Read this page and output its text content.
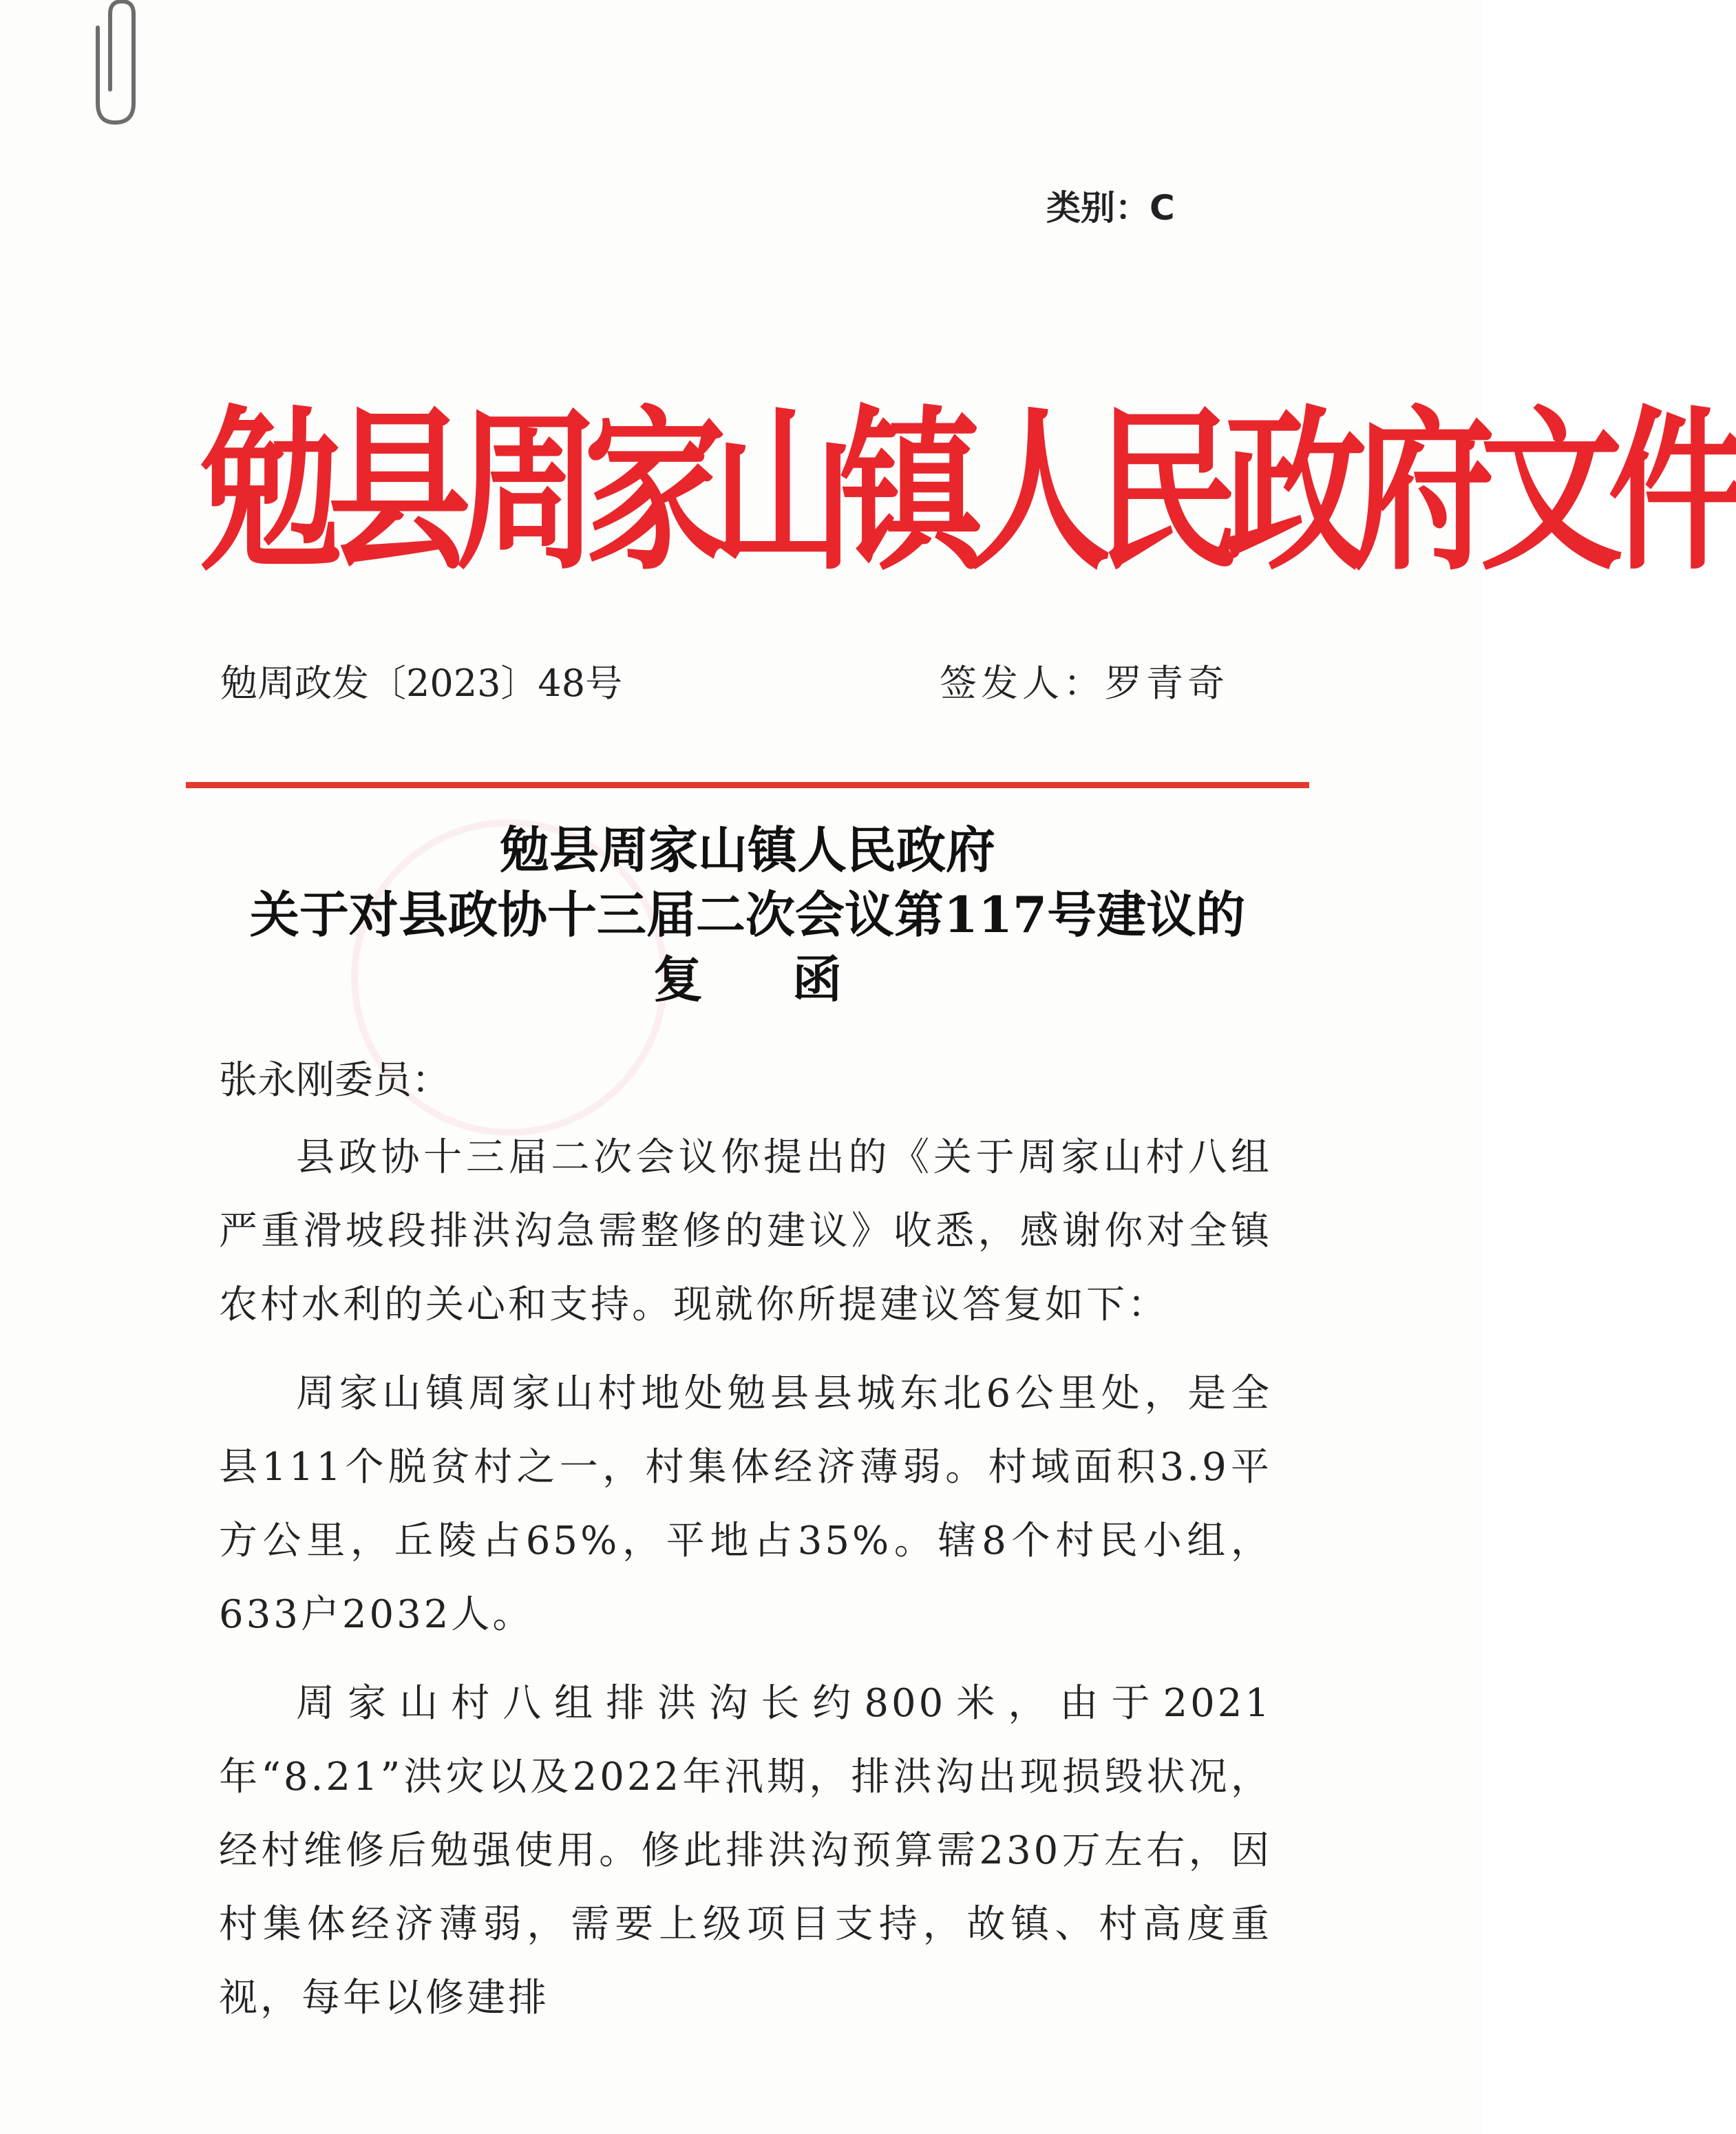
类别：C
勉县周家山镇人民政府文件
勉周政发〔2023〕48号	签发人：罗青奇
勉县周家山镇人民政府
关于对县政协十三届二次会议第117号建议的
复函
张永刚委员：
县政协十三届二次会议你提出的《关于周家山村八组严重滑坡段排洪沟急需整修的建议》收悉，感谢你对全镇农村水利的关心和支持。现就你所提建议答复如下：
周家山镇周家山村地处勉县县城东北6公里处，是全县111个脱贫村之一，村集体经济薄弱。村域面积3.9平方公里，丘陵占65%，平地占35%。辖8个村民小组，633户2032人。
周家山村八组排洪沟长约800米，由于2021年“8.21”洪灾以及2022年汛期，排洪沟出现损毁状况，经村维修后勉强使用。修此排洪沟预算需230万左右，因村集体经济薄弱，需要上级项目支持，故镇、村高度重视，每年以修建排
